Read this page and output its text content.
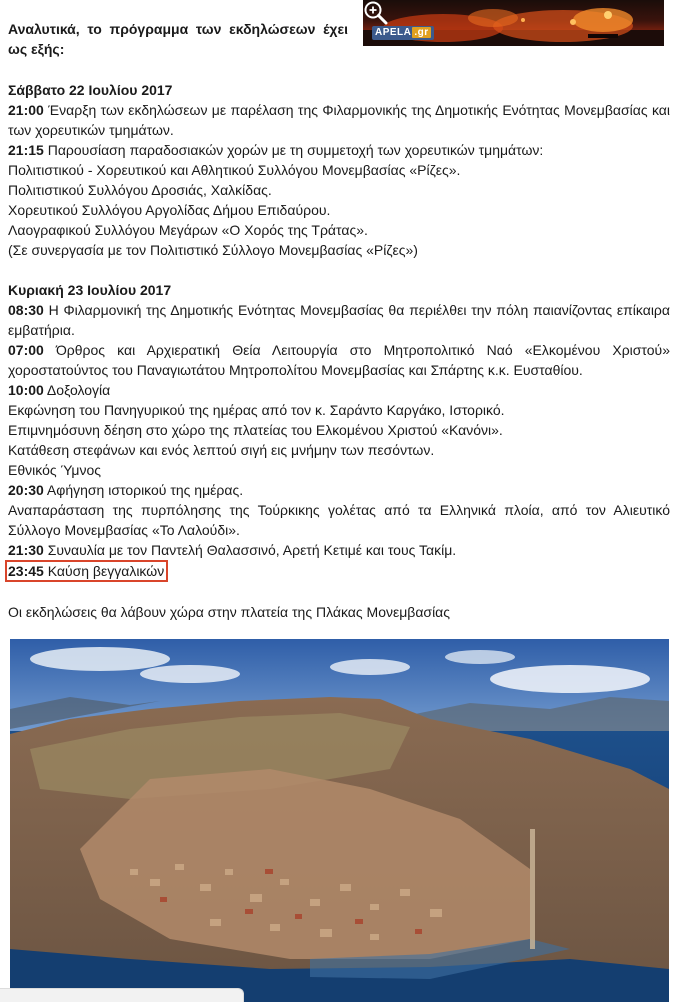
Αναλυτικά, το πρόγραμμα των εκδηλώσεων έχει ως εξής:
APELA .gr

Σάββατο 22 Ιουλίου 2017

21:00 Έναρξη των εκδηλώσεων με παρέλαση της Φιλαρμονικής της Δημοτικής Ενότητας Μονεμβασίας και των χορευτικών τμημάτων.

21:15 Παρουσίαση παραδοσιακών χορών με τη συμμετοχή των χορευτικών τμημάτων:

Πολιτιστικού - Χορευτικού και Αθλητικού Συλλόγου Μονεμβασίας «Ρίζες».

Πολιτιστικού Συλλόγου Δροσιάς, Χαλκίδας.

Χορευτικού Συλλόγου Αργολίδας Δήμου Επιδαύρου.

Λαογραφικού Συλλόγου Μεγάρων «Ο Χορός της Τράτας».

(Σε συνεργασία με τον Πολιτιστικό Σύλλογο Μονεμβασίας «Ρίζες»)

Κυριακή 23 Ιουλίου 2017

08:30 Η Φιλαρμονική της Δημοτικής Ενότητας Μονεμβασίας θα περιέλθει την πόλη παιανίζοντας επίκαιρα εμβατήρια.

07:00 Όρθρος και Αρχιερατική Θεία Λειτουργία στο Μητροπολιτικό Ναό «Ελκομένου Χριστού» χοροστατούντος του Παναγιωτάτου Μητροπολίτου Μονεμβασίας και Σπάρτης κ.κ. Ευσταθίου.

10:00 Δοξολογία

Εκφώνηση του Πανηγυρικού της ημέρας από τον κ. Σαράντο Καργάκο, Ιστορικό.

Επιμνημόσυνη δέηση στο χώρο της πλατείας του Ελκομένου Χριστού «Κανόνι».

Κατάθεση στεφάνων και ενός λεπτού σιγή εις μνήμην των πεσόντων.

Εθνικός Ύμνος

20:30 Αφήγηση ιστορικού της ημέρας.

Αναπαράσταση της πυρπόλησης της Τούρκικης γολέτας από τα Ελληνικά πλοία, από τον Αλιευτικό Σύλλογο Μονεμβασίας «Το Λαλούδι».

21:30 Συναυλία με τον Παντελή Θαλασσινό, Αρετή Κετιμέ και τους Τακίμ.

23:45 Καύση βεγγαλικών

Οι εκδηλώσεις θα λάβουν χώρα στην πλατεία της Πλάκας Μονεμβασίας
